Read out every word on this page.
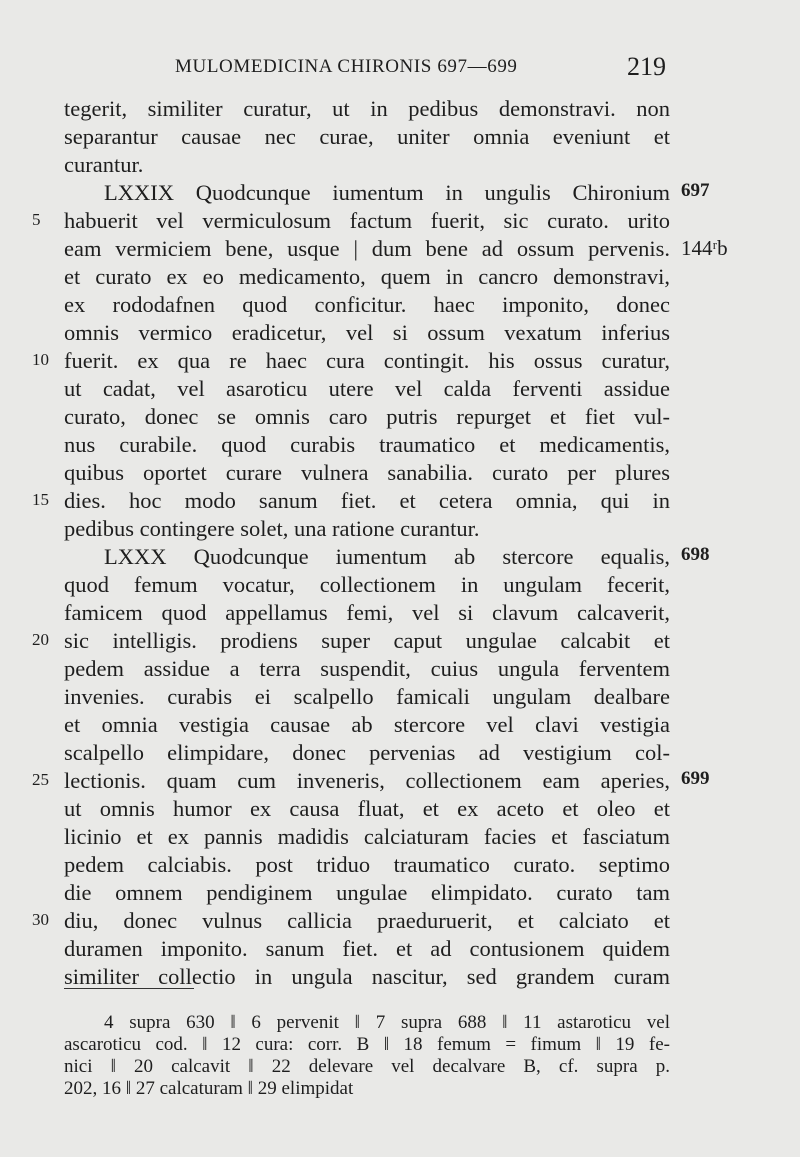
MULOMEDICINA CHIRONIS 697—699	219
tegerit, similiter curatur, ut in pedibus demonstravi. non
separantur causae nec curae, uniter omnia eveniunt et
curantur.
LXXIX Quodcunque iumentum in ungulis Chironium 697
5 habuerit vel vermiculosum factum fuerit, sic curato. urito
eam vermiciem bene, usque | dum bene ad ossum pervenis. 144ʳb
et curato ex eo medicamento, quem in cancro demonstravi,
ex rododafnen quod conficitur. haec imponito, donec
omnis vermico eradicetur, vel si ossum vexatum inferius
10 fuerit. ex qua re haec cura contingit. his ossus curatur,
ut cadat, vel asaroticu utere vel calda ferventi assidue
curato, donec se omnis caro putris repurget et fiet vul-
nus curabile. quod curabis traumatico et medicamentis,
quibus oportet curare vulnera sanabilia. curato per plures
15 dies. hoc modo sanum fiet. et cetera omnia, qui in
pedibus contingere solet, una ratione curantur.
LXXX Quodcunque iumentum ab stercore equalis, 698
quod femum vocatur, collectionem in ungulam fecerit,
famicem quod appellamus femi, vel si clavum calcaverit,
20 sic intelligis. prodiens super caput ungulae calcabit et
pedem assidue a terra suspendit, cuius ungula ferventem
invenies. curabis ei scalpello famicali ungulam dealbare
et omnia vestigia causae ab stercore vel clavi vestigia
scalpello elimpidare, donec pervenias ad vestigium col-
25 lectionis. quam cum inveneris, collectionem eam aperies, 699
ut omnis humor ex causa fluat, et ex aceto et oleo et
licinio et ex pannis madidis calciaturam facies et fasciatum
pedem calciabis. post triduo traumatico curato. septimo
die omnem pendiginem ungulae elimpidato. curato tam
30 diu, donec vulnus callicia praeduruerit, et calciato et
duramen imponito. sanum fiet. et ad contusionem quidem
similiter collectio in ungula nascitur, sed grandem curam
4 supra 630 ‖ 6 pervenit ‖ 7 supra 688 ‖ 11 astaroticu vel
ascaroticu cod. ‖ 12 cura: corr. B ‖ 18 femum = fimum ‖ 19 fe-
nici ‖ 20 calcavit ‖ 22 delevare vel decalvare B, cf. supra p.
202, 16 ‖ 27 calcaturam ‖ 29 elimpidat
